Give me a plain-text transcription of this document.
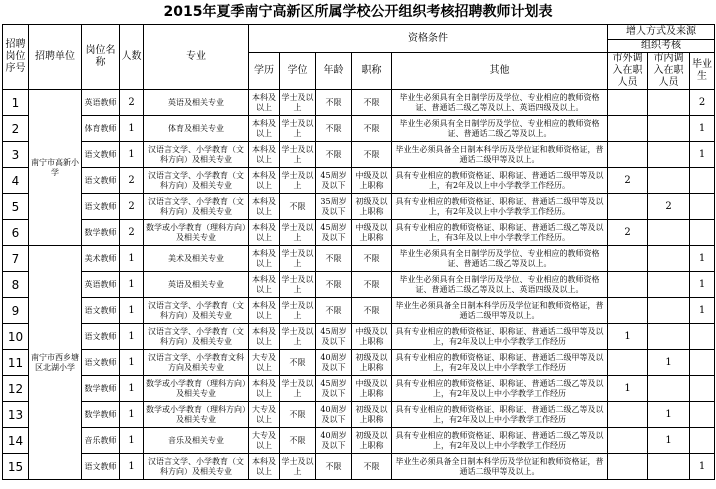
2015年夏季南宁高新区所属学校公开组织考核招聘教师计划表
招聘岗位序号	招聘单位	岗位名称	人数	专业	资格条件					增人方式及来源		
										组织考核		
					学历	学位	年龄	职称	其他	市外调入在职人员	市内调入在职人员	毕业生
1	南宁市高新小学	英语教师	2	英语及相关专业	本科及以上	学士及以上	不限	不限	毕业生必须具有全日制学历及学位、专业相应的教师资格证、普通话二级乙等及以上、英语四级及以上。			2
2		体育教师	1	体育及相关专业	本科及以上	学士及以上	不限	不限	毕业生必须具有全日制学历及学位、专业相应的教师资格证、普通话二级乙等及以上。			1
3		语文教师	1	汉语言文学、小学教育（文科方向）及相关专业	本科及以上	学士及以上	不限	不限	毕业生必须具备全日制本科学历及学位证和教师资格证，普通话二级甲等及以上。			1
4		语文教师	2	汉语言文学、小学教育（文科方向）及相关专业	本科及以上	学士及以上	45周岁及以下	中级及以上职称	具有专业相应的教师资格证、职称证、普通话二级甲等及以上，有2年及以上中小学教学工作经历。	2		
5		语文教师	2	汉语言文学、小学教育（文科方向）及相关专业	本科及以上	不限	35周岁及以下	初级及以上职称	具有专业相应的教师资格证、职称证、普通话二级甲等及以上，有2年及以上中小学教学工作经历。		2	
6		数学教师	2	数学或小学教育（理科方向）及相关专业	本科及以上	学士及以上	45周岁及以下	中级及以上职称	具有专业相应的教师资格证、职称证、普通话二级乙等及以上，有3年及以上中小学教学工作经历。	2		
7	南宁市西乡塘区北湖小学	美术教师	1	美术及相关专业	本科及以上	学士及以上	不限	不限	毕业生必须具有全日制学历及学位、专业相应的教师资格证、普通话二级乙等及以上。			1
8		英语教师	1	英语及相关专业	本科及以上	学士及以上	不限	不限	毕业生必须具有全日制学历及学位、专业相应的教师资格证、普通话二级乙等及以上、英语四级及以上。			1
9		语文教师	1	汉语言文学、小学教育（文科方向）及相关专业	本科及以上	学士及以上	不限	不限	毕业生必须具备全日制本科学历及学位证和教师资格证，普通话二级甲等及以上。			1
10		语文教师	1	汉语言文学、小学教育（文科方向）及相关专业	本科及以上	学士及以上	45周岁及以下	中级及以上职称	具有专业相应的教师资格证、职称证、普通话二级甲等及以上，有2年及以上中小学教学工作经历	1		
11		语文教师	1	汉语言文学、小学教育文科方向及相关专业	大专及以上	不限	40周岁及以下	初级及以上职称	具有专业相应的教师资格证、职称证、普通话二级甲等及以上，有2年及以上中小学教学工作经历		1	
12		数学教师	1	数学或小学教育（理科方向）及相关专业	本科及以上	学士及以上	45周岁及以下	中级及以上职称	具有专业相应的教师资格证、职称证、普通话二级乙等及以上，有2年及以上中小学教学工作经历	1		
13		数学教师	1	数学或小学教育（理科方向）及相关专业	大专及以上	不限	40周岁及以下	初级及以上职称	具有专业相应的教师资格证、职称证、普通话二级乙等及以上，有2年及以上中小学教学工作经历		1	
14		音乐教师	1	音乐及相关专业	大专及以上	不限	40周岁及以下	初级及以上职称	具有专业相应的教师资格证、职称证、普通话二级乙等及以上，有2年及以上中小学教学工作经历		1	
15		语文教师	1	汉语言文学、小学教育（文科方向）及相关专业	本科及以上	学士及以上	不限	不限	毕业生必须具备全日制本科学历及学位证和教师资格证，普通话二级甲等及以上。			1
